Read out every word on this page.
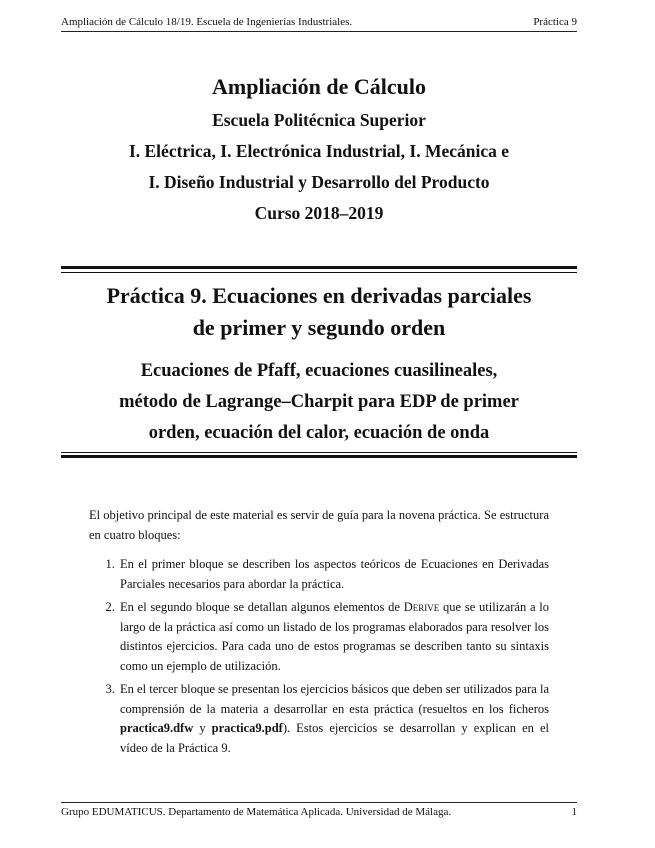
Ampliación de Cálculo 18/19. Escuela de Ingenierías Industriales.	Práctica 9
Ampliación de Cálculo
Escuela Politécnica Superior
I. Eléctrica, I. Electrónica Industrial, I. Mecánica e
I. Diseño Industrial y Desarrollo del Producto
Curso 2018–2019
Práctica 9. Ecuaciones en derivadas parciales
de primer y segundo orden
Ecuaciones de Pfaff, ecuaciones cuasilineales,
método de Lagrange–Charpit para EDP de primer
orden, ecuación del calor, ecuación de onda

El objetivo principal de este material es servir de guía para la novena práctica. Se estructura en cuatro bloques:

1. En el primer bloque se describen los aspectos teóricos de Ecuaciones en Derivadas Parciales necesarios para abordar la práctica.
2. En el segundo bloque se detallan algunos elementos de Derive que se utilizarán a lo largo de la práctica así como un listado de los programas elaborados para resolver los distintos ejercicios. Para cada uno de estos programas se describen tanto su sintaxis como un ejemplo de utilización.
3. En el tercer bloque se presentan los ejercicios básicos que deben ser utilizados para la comprensión de la materia a desarrollar en esta práctica (resueltos en los ficheros practica9.dfw y practica9.pdf). Estos ejercicios se desarrollan y explican en el vídeo de la Práctica 9.
Grupo EDUMATICUS. Departamento de Matemática Aplicada. Universidad de Málaga.	1
